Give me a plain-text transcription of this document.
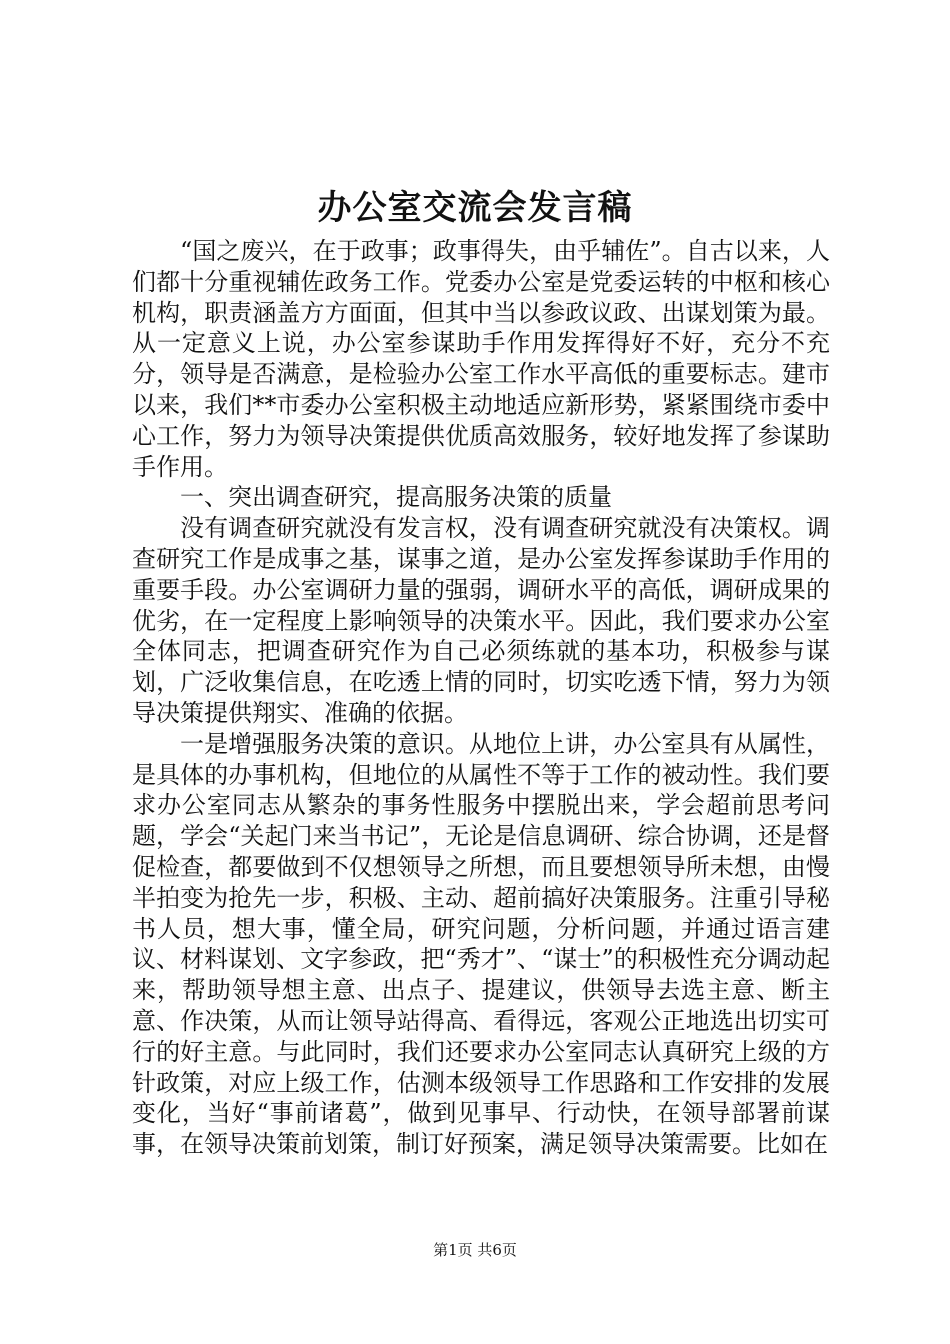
办公室交流会发言稿

“国之废兴，在于政事；政事得失，由乎辅佐”。自古以来，人们都十分重视辅佐政务工作。党委办公室是党委运转的中枢和核心机构，职责涵盖方方面面，但其中当以参政议政、出谋划策为最。从一定意义上说，办公室参谋助手作用发挥得好不好，充分不充分，领导是否满意，是检验办公室工作水平高低的重要标志。建市以来，我们**市委办公室积极主动地适应新形势，紧紧围绕市委中心工作，努力为领导决策提供优质高效服务，较好地发挥了参谋助手作用。

一、突出调查研究，提高服务决策的质量

没有调查研究就没有发言权，没有调查研究就没有决策权。调查研究工作是成事之基，谋事之道，是办公室发挥参谋助手作用的重要手段。办公室调研力量的强弱，调研水平的高低，调研成果的优劣，在一定程度上影响领导的决策水平。因此，我们要求办公室全体同志，把调查研究作为自己必须练就的基本功，积极参与谋划，广泛收集信息，在吃透上情的同时，切实吃透下情，努力为领导决策提供翔实、准确的依据。

一是增强服务决策的意识。从地位上讲，办公室具有从属性，是具体的办事机构，但地位的从属性不等于工作的被动性。我们要求办公室同志从繁杂的事务性服务中摆脱出来，学会超前思考问题，学会“关起门来当书记”，无论是信息调研、综合协调，还是督促检查，都要做到不仅想领导之所想，而且要想领导所未想，由慢半拍变为抢先一步，积极、主动、超前搞好决策服务。注重引导秘书人员，想大事，懂全局，研究问题，分析问题，并通过语言建议、材料谋划、文字参政，把“秀才”、“谋士”的积极性充分调动起来，帮助领导想主意、出点子、提建议，供领导去选主意、断主意、作决策，从而让领导站得高、看得远，客观公正地选出切实可行的好主意。与此同时，我们还要求办公室同志认真研究上级的方针政策，对应上级工作，估测本级领导工作思路和工作安排的发展变化，当好“事前诸葛”，做到见事早、行动快，在领导部署前谋事，在领导决策前划策，制订好预案，满足领导决策需要。比如在

第1页 共6页
